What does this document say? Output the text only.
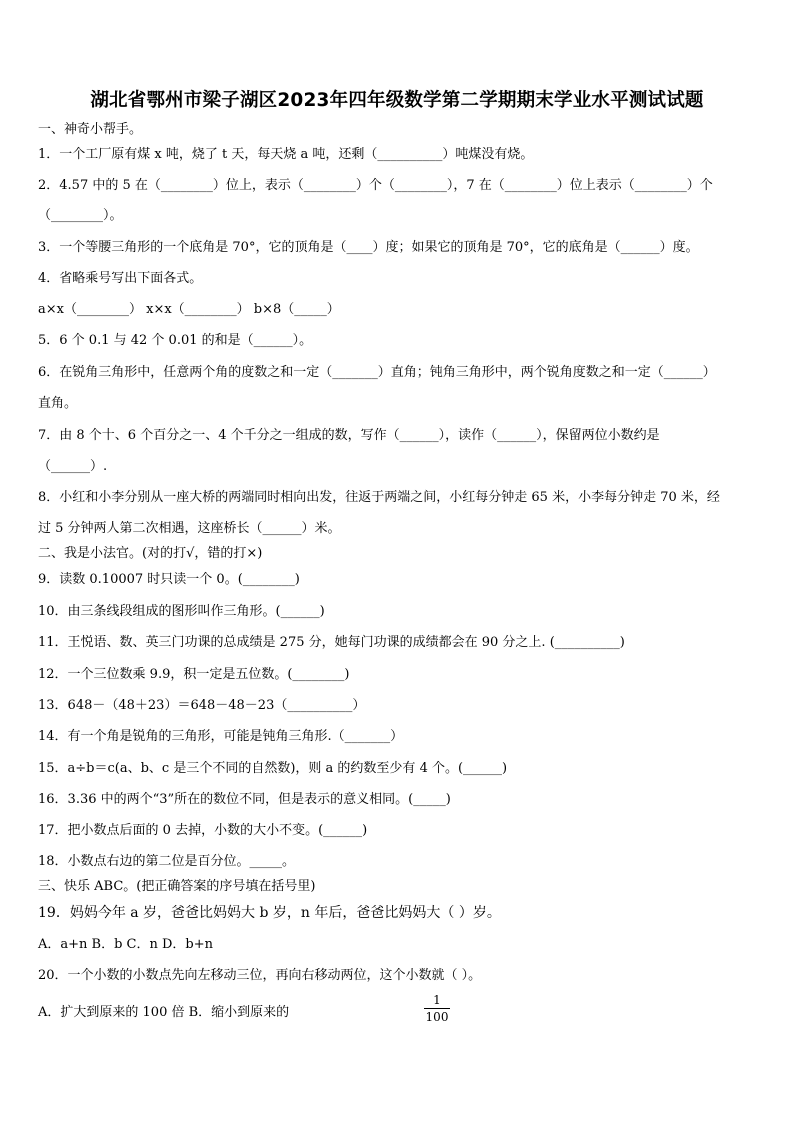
湖北省鄂州市梁子湖区2023年四年级数学第二学期期末学业水平测试试题
一、神奇小帮手。
1．一个工厂原有煤 x 吨，烧了 t 天，每天烧 a 吨，还剩（__________）吨煤没有烧。
2．4.57 中的 5 在（________）位上，表示（________）个（________），7 在（________）位上表示（________）个
（________）。
3．一个等腰三角形的一个底角是 70°，它的顶角是（____）度；如果它的顶角是 70°，它的底角是（______）度。
4．省略乘号写出下面各式。
a×x（________） x×x（________） b×8（_____）
5．6 个 0.1 与 42 个 0.01 的和是（______）。
6．在锐角三角形中，任意两个角的度数之和一定（_______）直角；钝角三角形中，两个锐角度数之和一定（______）
直角。
7．由 8 个十、6 个百分之一、4 个千分之一组成的数，写作（______），读作（______），保留两位小数约是
（______）.
8．小红和小李分别从一座大桥的两端同时相向出发，往返于两端之间，小红每分钟走 65 米，小李每分钟走 70 米，经
过 5 分钟两人第二次相遇，这座桥长（______）米。
二、我是小法官。(对的打√，错的打×)
9．读数 0.10007 时只读一个 0。(________)
10．由三条线段组成的图形叫作三角形。(______)
11．王悦语、数、英三门功课的总成绩是 275 分，她每门功课的成绩都会在 90 分之上. (__________)
12．一个三位数乘 9.9，积一定是五位数。(________)
13．648－（48＋23）＝648－48－23（__________）
14．有一个角是锐角的三角形，可能是钝角三角形.（_______）
15．a÷b＝c(a、b、c 是三个不同的自然数)，则 a 的约数至少有 4 个。(______)
16．3.36 中的两个“3”所在的数位不同，但是表示的意义相同。(_____)
17．把小数点后面的 0 去掉，小数的大小不变。(______)
18．小数点右边的第二位是百分位。_____。
三、快乐 ABC。(把正确答案的序号填在括号里)
19．妈妈今年 a 岁，爸爸比妈妈大 b 岁，n 年后，爸爸比妈妈大（ ）岁。
A．a+n B．b C．n D．b+n
20．一个小数的小数点先向左移动三位，再向右移动两位，这个小数就（ ）。
A．扩大到原来的 100 倍 B．缩小到原来的
1
100
